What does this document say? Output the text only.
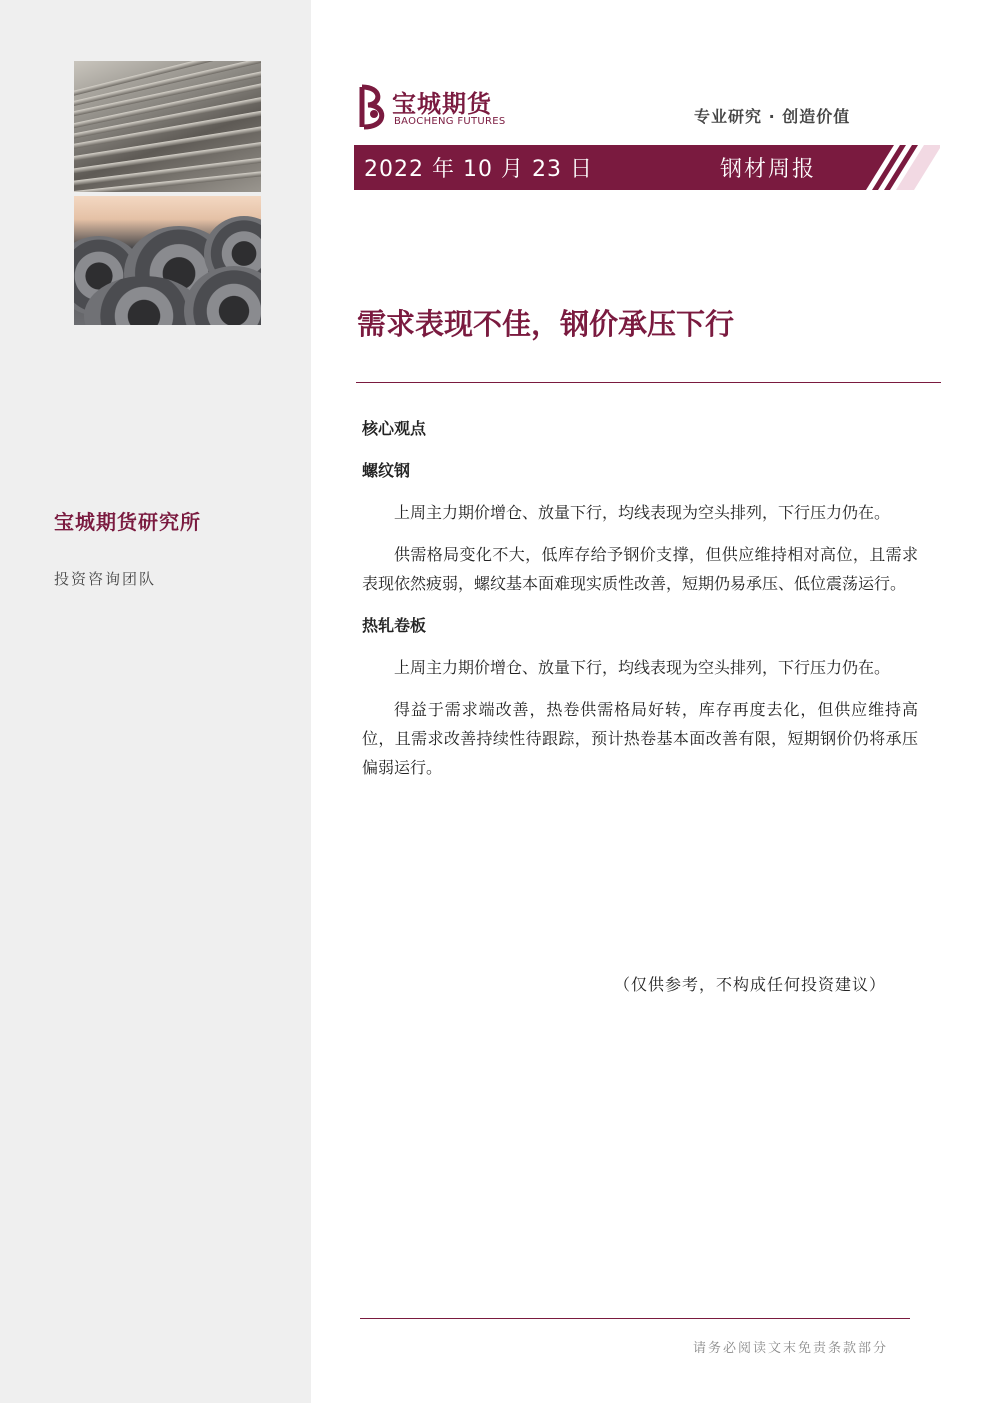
宝城期货研究所
投资咨询团队
宝城期货
BAOCHENG FUTURES	专业研究 · 创造价值
2022 年 10 月 23 日	钢材周报
需求表现不佳，钢价承压下行

核心观点

螺纹钢

上周主力期价增仓、放量下行，均线表现为空头排列，下行压力仍在。

供需格局变化不大，低库存给予钢价支撑，但供应维持相对高位，且需求表现依然疲弱，螺纹基本面难现实质性改善，短期仍易承压、低位震荡运行。

热轧卷板

上周主力期价增仓、放量下行，均线表现为空头排列，下行压力仍在。

得益于需求端改善，热卷供需格局好转，库存再度去化，但供应维持高位，且需求改善持续性待跟踪，预计热卷基本面改善有限，短期钢价仍将承压偏弱运行。

（仅供参考，不构成任何投资建议）
请务必阅读文末免责条款部分
